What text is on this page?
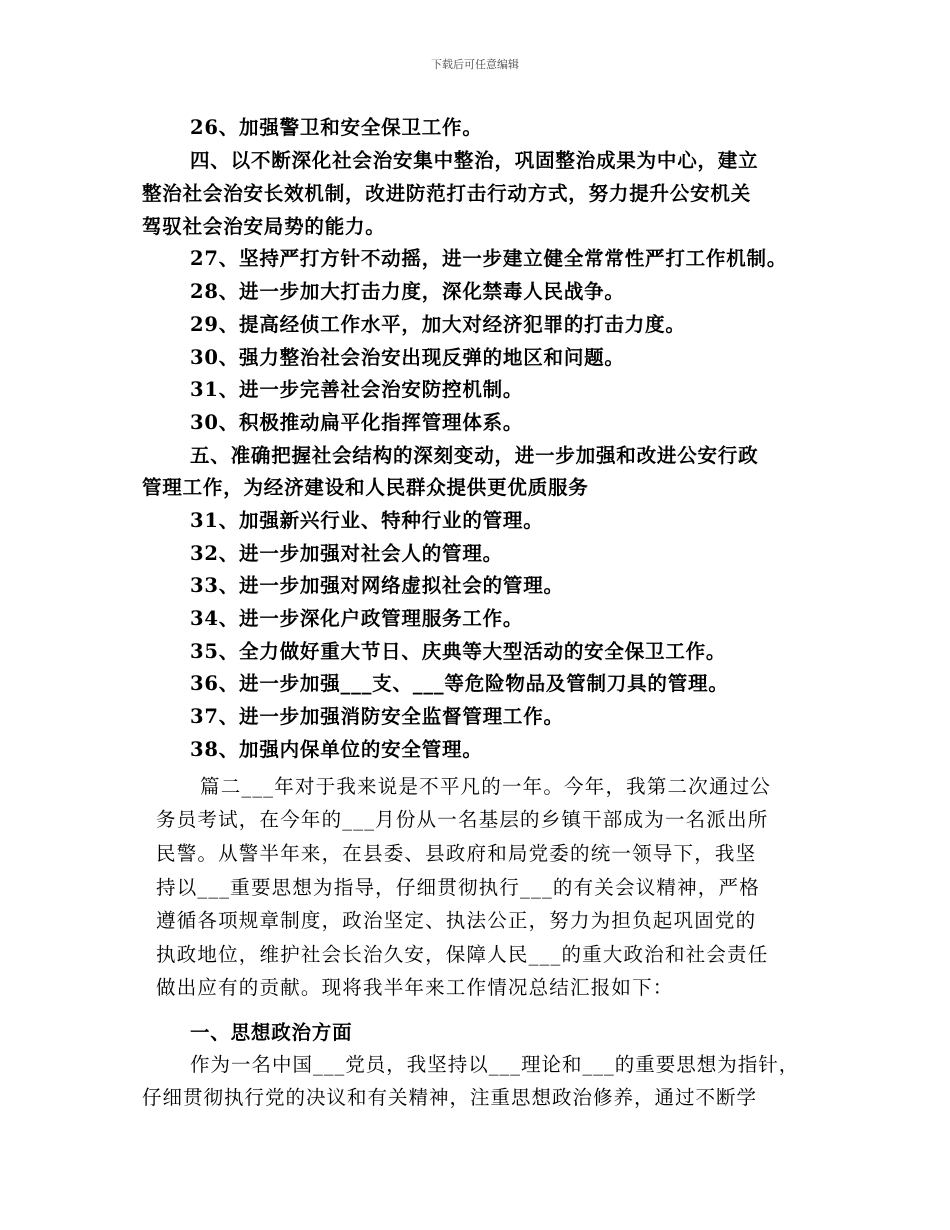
下载后可任意编辑
26、加强警卫和安全保卫工作。
四、以不断深化社会治安集中整治，巩固整治成果为中心，建立
整治社会治安长效机制，改进防范打击行动方式，努力提升公安机关
驾驭社会治安局势的能力。
27、坚持严打方针不动摇，进一步建立健全常常性严打工作机制。
28、进一步加大打击力度，深化禁毒人民战争。
29、提高经侦工作水平，加大对经济犯罪的打击力度。
30、强力整治社会治安出现反弹的地区和问题。
31、进一步完善社会治安防控机制。
30、积极推动扁平化指挥管理体系。
五、准确把握社会结构的深刻变动，进一步加强和改进公安行政
管理工作，为经济建设和人民群众提供更优质服务
31、加强新兴行业、特种行业的管理。
32、进一步加强对社会人的管理。
33、进一步加强对网络虚拟社会的管理。
34、进一步深化户政管理服务工作。
35、全力做好重大节日、庆典等大型活动的安全保卫工作。
36、进一步加强___支、___等危险物品及管制刀具的管理。
37、进一步加强消防安全监督管理工作。
38、加强内保单位的安全管理。
篇二___年对于我来说是不平凡的一年。今年，我第二次通过公
务员考试，在今年的___月份从一名基层的乡镇干部成为一名派出所
民警。从警半年来，在县委、县政府和局党委的统一领导下，我坚
持以___重要思想为指导，仔细贯彻执行___的有关会议精神，严格
遵循各项规章制度，政治坚定、执法公正，努力为担负起巩固党的
执政地位，维护社会长治久安，保障人民___的重大政治和社会责任
做出应有的贡献。现将我半年来工作情况总结汇报如下：
一、思想政治方面
作为一名中国___党员，我坚持以___理论和___的重要思想为指针，
仔细贯彻执行党的决议和有关精神，注重思想政治修养，通过不断学
